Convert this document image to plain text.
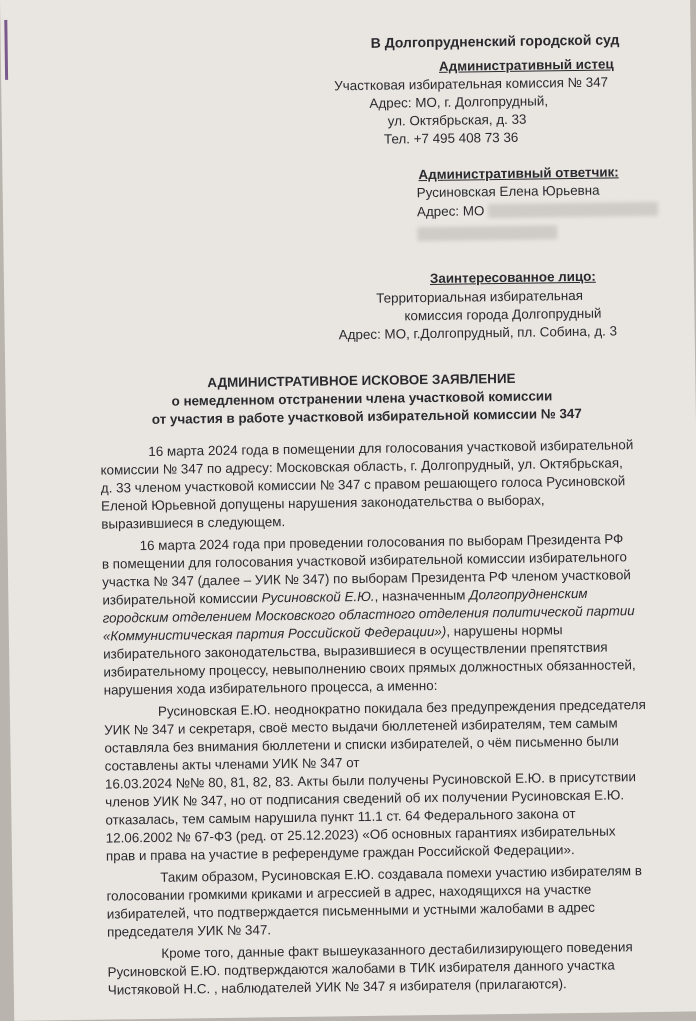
В Долгопрудненский городской суд
Административный истец
Участковая избирательная комиссия № 347
Адрес: МО, г. Долгопрудный,
ул. Октябрьская, д. 33
Тел. +7 495 408 73 36
Административный ответчик:
Русиновская Елена Юрьевна
Адрес: МО
Заинтересованное лицо:
Территориальная избирательная
комиссия города Долгопрудный
Адрес: МО, г.Долгопрудный, пл. Собина, д. 3
АДМИНИСТРАТИВНОЕ ИСКОВОЕ ЗАЯВЛЕНИЕ
о немедленном отстранении члена участковой комиссии
от участия в работе участковой избирательной комиссии № 347
16 марта 2024 года в помещении для голосования участковой избирательной
комиссии № 347 по адресу: Московская область, г. Долгопрудный, ул. Октябрьская,
д. 33 членом участковой комиссии № 347 с правом решающего голоса Русиновской
Еленой Юрьевной допущены нарушения законодательства о выборах,
выразившиеся в следующем.
16 марта 2024 года при проведении голосования по выборам Президента РФ
в помещении для голосования участковой избирательной комиссии избирательного
участка № 347 (далее – УИК № 347) по выборам Президента РФ членом участковой
избирательной комиссии Русиновской Е.Ю., назначенным Долгопрудненским
городским отделением Московского областного отделения политической партии
«Коммунистическая партия Российской Федерации»), нарушены нормы
избирательного законодательства, выразившиеся в осуществлении препятствия
избирательному процессу, невыполнению своих прямых должностных обязанностей,
нарушения хода избирательного процесса, а именно:
Русиновская Е.Ю. неоднократно покидала без предупреждения председателя
УИК № 347 и секретаря, своё место выдачи бюллетеней избирателям, тем самым
оставляла без внимания бюллетени и списки избирателей, о чём письменно были
составлены акты членами УИК № 347 от
16.03.2024 №№ 80, 81, 82, 83. Акты были получены Русиновской Е.Ю. в присутствии
членов УИК № 347, но от подписания сведений об их получении Русиновская Е.Ю.
отказалась, тем самым нарушила пункт 11.1 ст. 64 Федерального закона от
12.06.2002 № 67-ФЗ (ред. от 25.12.2023) «Об основных гарантиях избирательных
прав и права на участие в референдуме граждан Российской Федерации».
Таким образом, Русиновская Е.Ю. создавала помехи участию избирателям в
голосовании громкими криками и агрессией в адрес, находящихся на участке
избирателей, что подтверждается письменными и устными жалобами в адрес
председателя УИК № 347.
Кроме того, данные факт вышеуказанного дестабилизирующего поведения
Русиновской Е.Ю. подтверждаются жалобами в ТИК избирателя данного участка
Чистяковой Н.С. , наблюдателей УИК № 347 я избирателя (прилагаются).
